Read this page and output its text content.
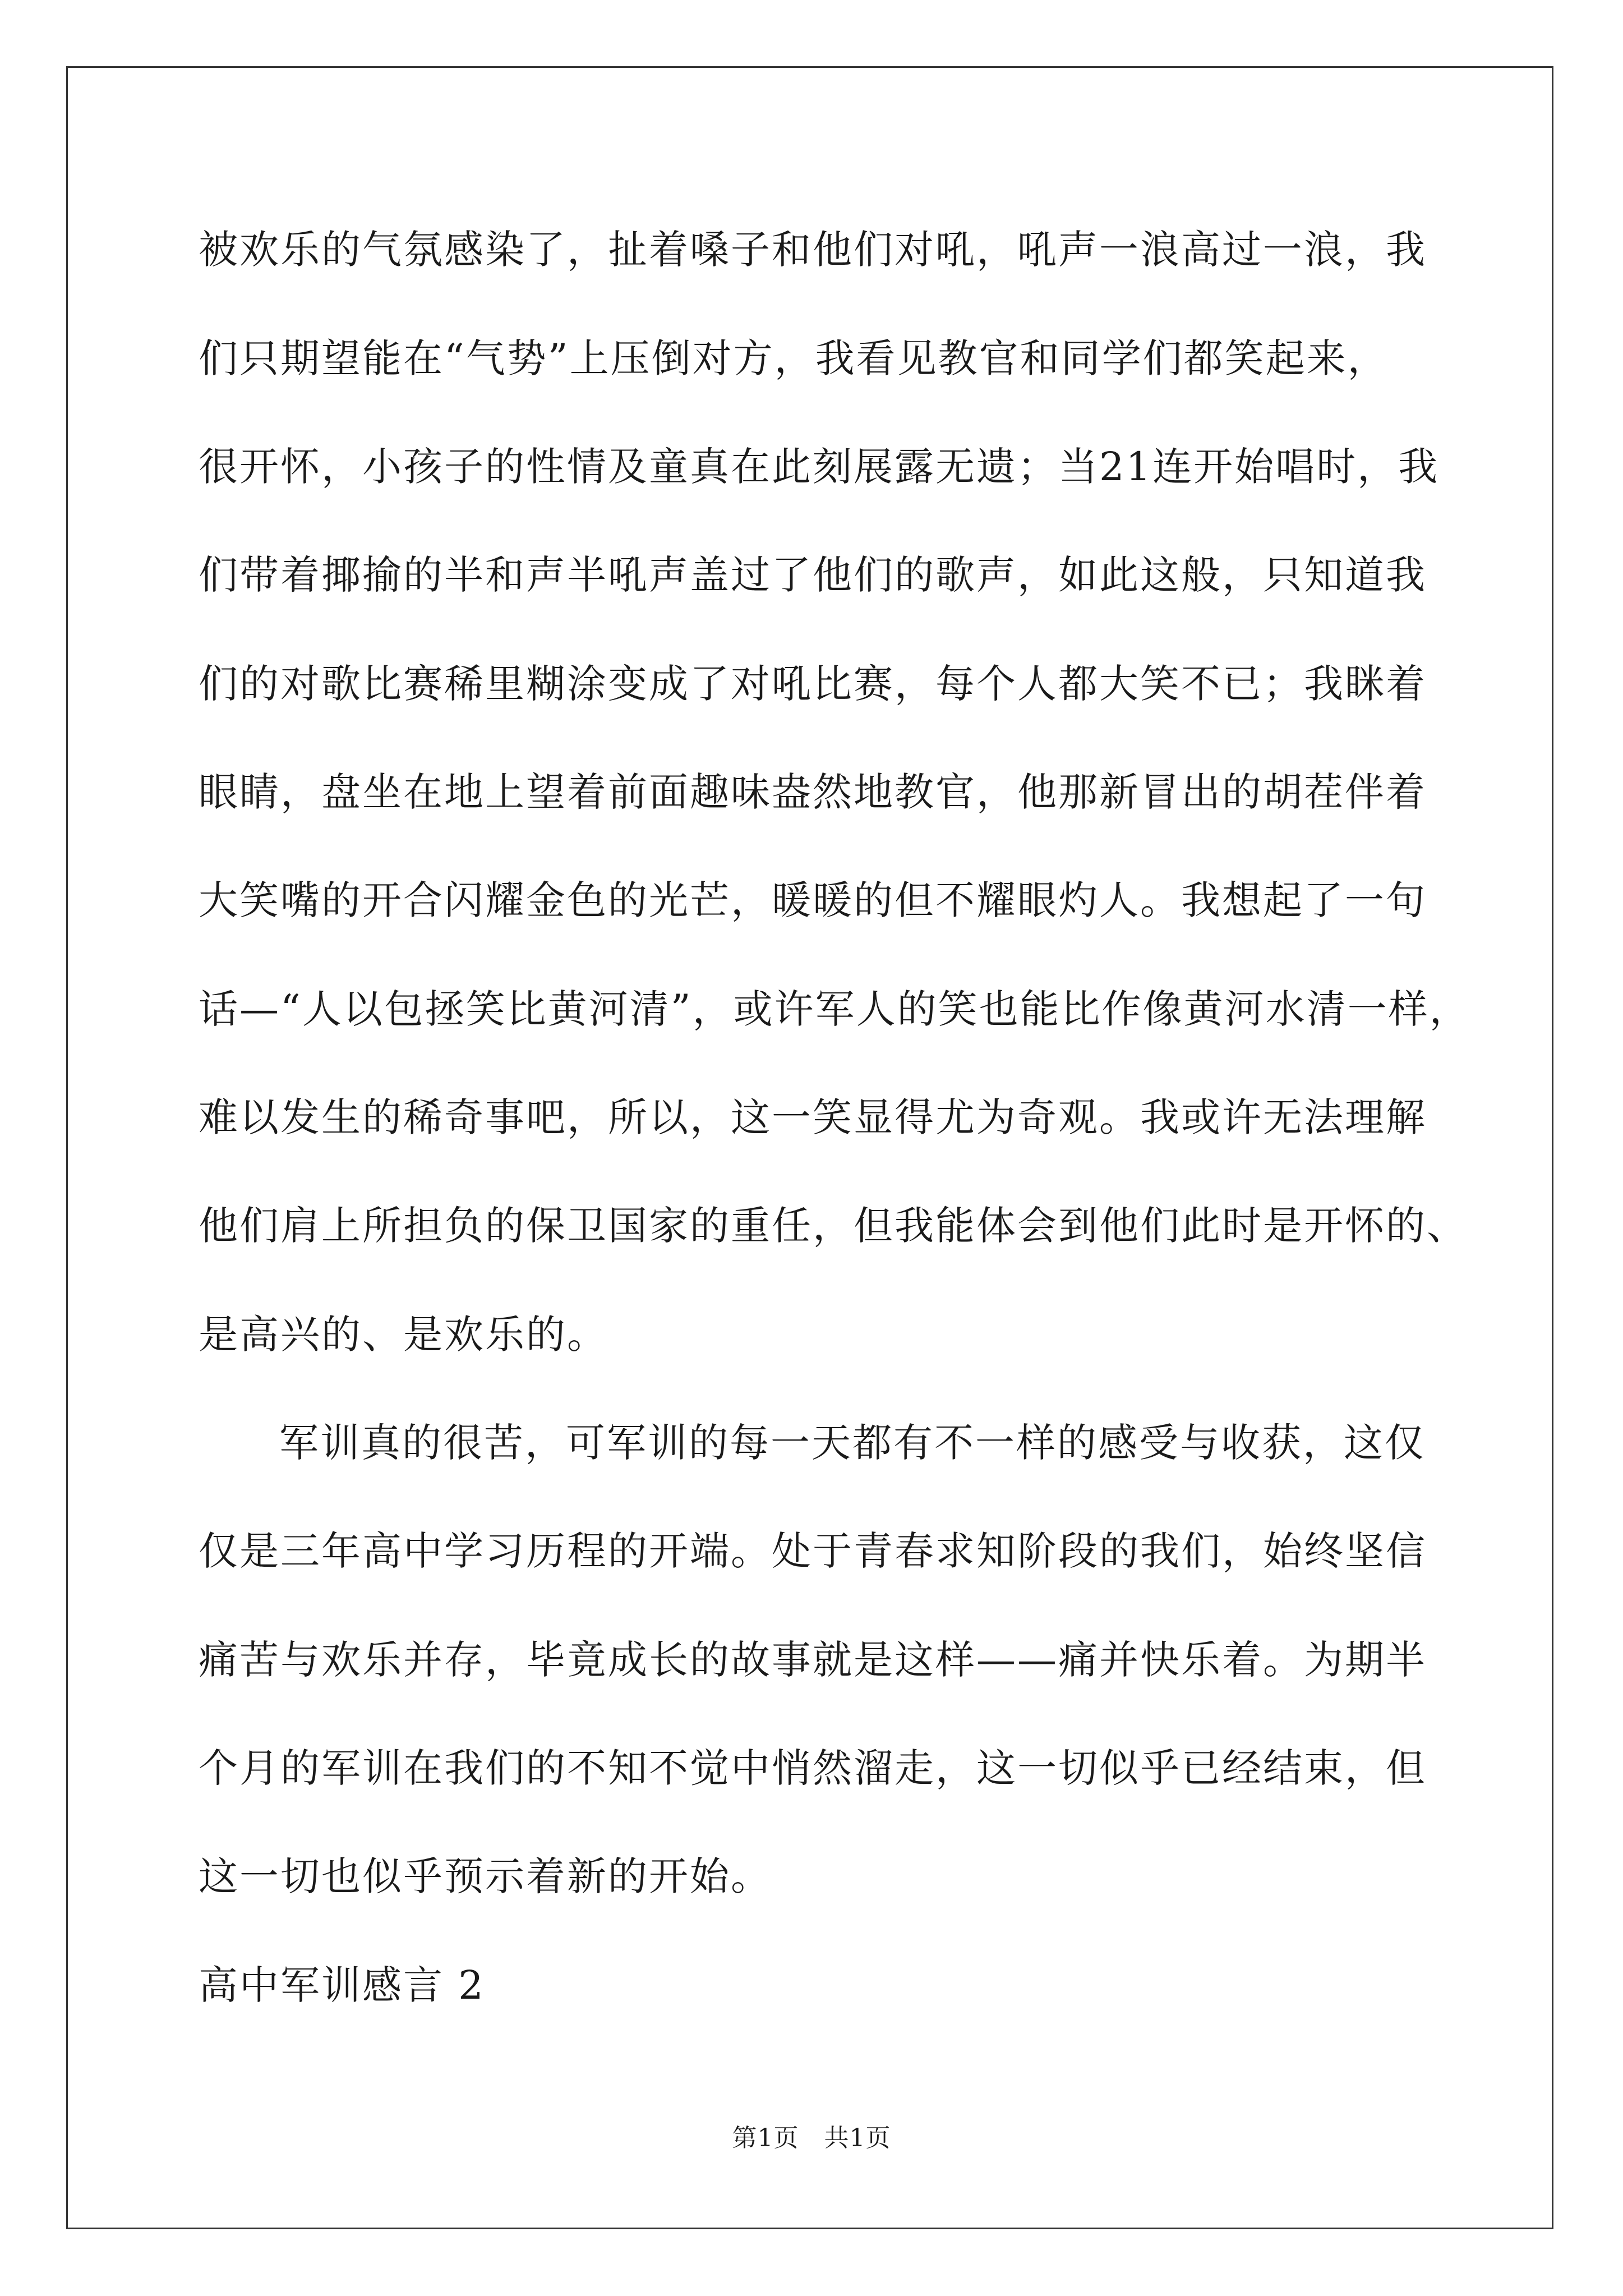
被欢乐的气氛感染了，扯着嗓子和他们对吼，吼声一浪高过一浪，我
们只期望能在“气势”上压倒对方，我看见教官和同学们都笑起来，
很开怀，小孩子的性情及童真在此刻展露无遗；当21连开始唱时，我
们带着揶揄的半和声半吼声盖过了他们的歌声，如此这般，只知道我
们的对歌比赛稀里糊涂变成了对吼比赛，每个人都大笑不已；我眯着
眼睛，盘坐在地上望着前面趣味盎然地教官，他那新冒出的胡茬伴着
大笑嘴的开合闪耀金色的光芒，暖暖的但不耀眼灼人。我想起了一句
话—“人以包拯笑比黄河清”，或许军人的笑也能比作像黄河水清一样，
难以发生的稀奇事吧，所以，这一笑显得尤为奇观。我或许无法理解
他们肩上所担负的保卫国家的重任，但我能体会到他们此时是开怀的、
是高兴的、是欢乐的。
军训真的很苦，可军训的每一天都有不一样的感受与收获，这仅
仅是三年高中学习历程的开端。处于青春求知阶段的我们，始终坚信
痛苦与欢乐并存，毕竟成长的故事就是这样——痛并快乐着。为期半
个月的军训在我们的不知不觉中悄然溜走，这一切似乎已经结束，但
这一切也似乎预示着新的开始。
高中军训感言 2
第1页   共1页
